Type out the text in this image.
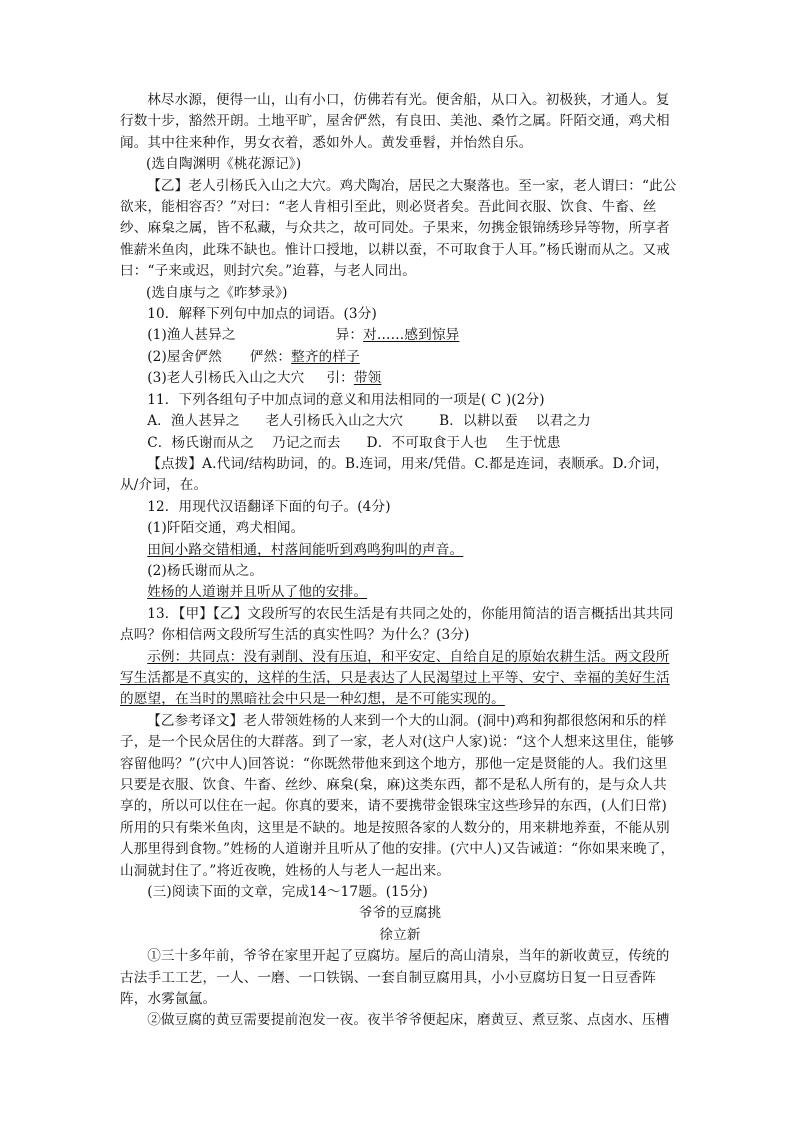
林尽水源，便得一山，山有小口，仿佛若有光。便舍船，从口入。初极狭，才通人。复行数十步，豁然开朗。土地平旷，屋舍俨然，有良田、美池、桑竹之属。阡陌交通，鸡犬相闻。其中往来种作，男女衣着，悉如外人。黄发垂髫，并怡然自乐。

(选自陶渊明《桃花源记》)

【乙】老人引杨氏入山之大穴。鸡犬陶冶，居民之大聚落也。至一家，老人谓曰：“此公欲来，能相容否？”对曰：“老人肯相引至此，则必贤者矣。吾此间衣服、饮食、牛畜、丝纱、麻枲之属，皆不私藏，与众共之，故可同处。子果来，勿携金银锦绣珍异等物，所享者惟薪米鱼肉，此珠不缺也。惟计口授地，以耕以蚕，不可取食于人耳。”杨氏谢而从之。又戒曰：“子来或迟，则封穴矣。”迨暮，与老人同出。

(选自康与之《昨梦录》)

10．解释下列句中加点的词语。(3分)

(1)渔人甚异之	异：对……感到惊异
(2)屋舍俨然 俨然：整齐的样子
(3)老人引杨氏入山之大穴 引：带领

11．下列各组句子中加点词的意义和用法相同的一项是( C )(2分)

A．渔人甚异之 老人引杨氏入山之大穴	B．以耕以蚕 以君之力
C．杨氏谢而从之 乃记之而去 D．不可取食于人也 生于忧患

【点拨】A.代词/结构助词，的。B.连词，用来/凭借。C.都是连词，表顺承。D.介词，从/介词，在。

12．用现代汉语翻译下面的句子。(4分)

(1)阡陌交通，鸡犬相闻。

田间小路交错相通，村落间能听到鸡鸣狗叫的声音。

(2)杨氏谢而从之。

姓杨的人道谢并且听从了他的安排。

13．【甲】【乙】文段所写的农民生活是有共同之处的，你能用简洁的语言概括出其共同点吗？你相信两文段所写生活的真实性吗？为什么？(3分)

示例：共同点：没有剥削、没有压迫，和平安定、自给自足的原始农耕生活。两文段所写生活都是不真实的，这样的生活，只是表达了人民渴望过上平等、安宁、幸福的美好生活的愿望，在当时的黑暗社会中只是一种幻想，是不可能实现的。

【乙参考译文】老人带领姓杨的人来到一个大的山洞。(洞中)鸡和狗都很悠闲和乐的样子，是一个民众居住的大群落。到了一家，老人对(这户人家)说：“这个人想来这里住，能够容留他吗？”(穴中人)回答说：“你既然带他来到这个地方，那他一定是贤能的人。我们这里只要是衣服、饮食、牛畜、丝纱、麻枲(枲，麻)这类东西，都不是私人所有的，是与众人共享的，所以可以住在一起。你真的要来，请不要携带金银珠宝这些珍异的东西，(人们日常)所用的只有柴米鱼肉，这里是不缺的。地是按照各家的人数分的，用来耕地养蚕，不能从别人那里得到食物。”姓杨的人道谢并且听从了他的安排。(穴中人)又告诫道：“你如果来晚了，山洞就封住了。”将近夜晚，姓杨的人与老人一起出来。

(三)阅读下面的文章，完成14～17题。(15分)

爷爷的豆腐挑

徐立新

①三十多年前，爷爷在家里开起了豆腐坊。屋后的高山清泉，当年的新收黄豆，传统的古法手工工艺，一人、一磨、一口铁锅、一套自制豆腐用具，小小豆腐坊日复一日豆香阵阵，水雾氤氲。

②做豆腐的黄豆需要提前泡发一夜。夜半爷爷便起床，磨黄豆、煮豆浆、点卤水、压槽
